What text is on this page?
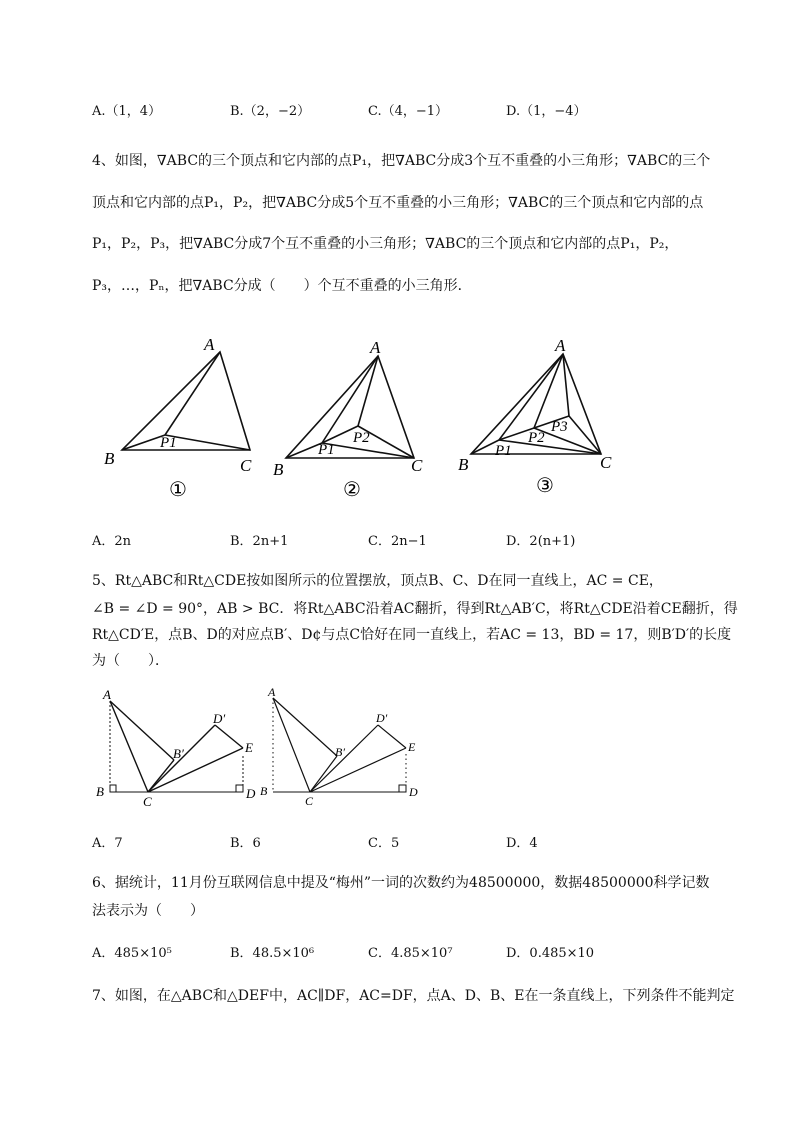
A.（1，4）	B.（2，−2）	C.（4，−1）	D.（1，−4）
4、如图，∇ABC的三个顶点和它内部的点P₁，把∇ABC分成3个互不重叠的小三角形；∇ABC的三个
顶点和它内部的点P₁，P₂，把∇ABC分成5个互不重叠的小三角形；∇ABC的三个顶点和它内部的点
P₁，P₂，P₃，把∇ABC分成7个互不重叠的小三角形；∇ABC的三个顶点和它内部的点P₁，P₂，
P₃，…，Pₙ，把∇ABC分成（　　）个互不重叠的小三角形．
A
B	C
P1
①
A
B	C
P1
P2
②
A
B	C
P1
P2
P3
③
A．2n	B．2n+1	C．2n−1	D．2(n+1)
5、Rt△ABC和Rt△CDE按如图所示的位置摆放，顶点B、C、D在同一直线上，AC = CE，
∠B = ∠D = 90°，AB > BC．将Rt△ABC沿着AC翻折，得到Rt△AB′C，将Rt△CDE沿着CE翻折，得
Rt△CD′E，点B、D的对应点B′、D¢与点C恰好在同一直线上，若AC = 13，BD = 17，则B′D′的长度
为（　　）．
A
B
C
D
E
B′
D′
A
B
C
D
E
B′
D′
A．7	B．6	C．5	D．4
6、据统计，11月份互联网信息中提及“梅州”一词的次数约为48500000，数据48500000科学记数
法表示为（　　）
A．485×10⁵	B．48.5×10⁶	C．4.85×10⁷	D．0.485×10
7、如图，在△ABC和△DEF中，AC∥DF，AC=DF，点A、D、B、E在一条直线上，下列条件不能判定
